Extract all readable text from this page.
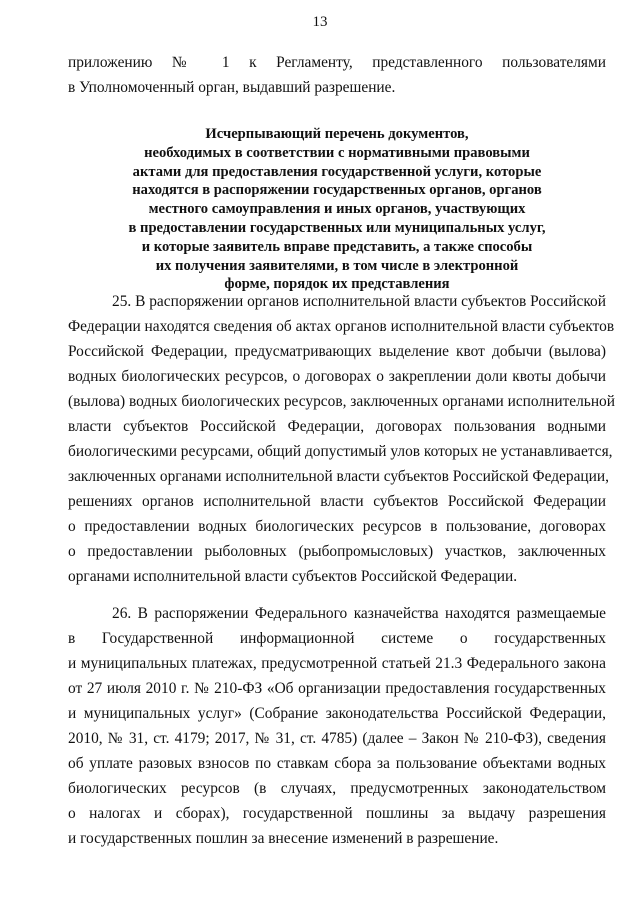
13
приложению № 1 к Регламенту, представленного пользователями
в Уполномоченный орган, выдавший разрешение.
Исчерпывающий перечень документов,
необходимых в соответствии с нормативными правовыми
актами для предоставления государственной услуги, которые
находятся в распоряжении государственных органов, органов
местного самоуправления и иных органов, участвующих
в предоставлении государственных или муниципальных услуг,
и которые заявитель вправе представить, а также способы
их получения заявителями, в том числе в электронной
форме, порядок их представления
25. В распоряжении органов исполнительной власти субъектов Российской
Федерации находятся сведения об актах органов исполнительной власти субъектов
Российской Федерации, предусматривающих выделение квот добычи (вылова)
водных биологических ресурсов, о договорах о закреплении доли квоты добычи
(вылова) водных биологических ресурсов, заключенных органами исполнительной
власти субъектов Российской Федерации, договорах пользования водными
биологическими ресурсами, общий допустимый улов которых не устанавливается,
заключенных органами исполнительной власти субъектов Российской Федерации,
решениях органов исполнительной власти субъектов Российской Федерации
о предоставлении водных биологических ресурсов в пользование, договорах
о предоставлении рыболовных (рыбопромысловых) участков, заключенных
органами исполнительной власти субъектов Российской Федерации.
26. В распоряжении Федерального казначейства находятся размещаемые
в Государственной информационной системе о государственных
и муниципальных платежах, предусмотренной статьей 21.3 Федерального закона
от 27 июля 2010 г. № 210-ФЗ «Об организации предоставления государственных
и муниципальных услуг» (Собрание законодательства Российской Федерации,
2010, № 31, ст. 4179; 2017, № 31, ст. 4785) (далее – Закон № 210-ФЗ), сведения
об уплате разовых взносов по ставкам сбора за пользование объектами водных
биологических ресурсов (в случаях, предусмотренных законодательством
о налогах и сборах), государственной пошлины за выдачу разрешения
и государственных пошлин за внесение изменений в разрешение.
